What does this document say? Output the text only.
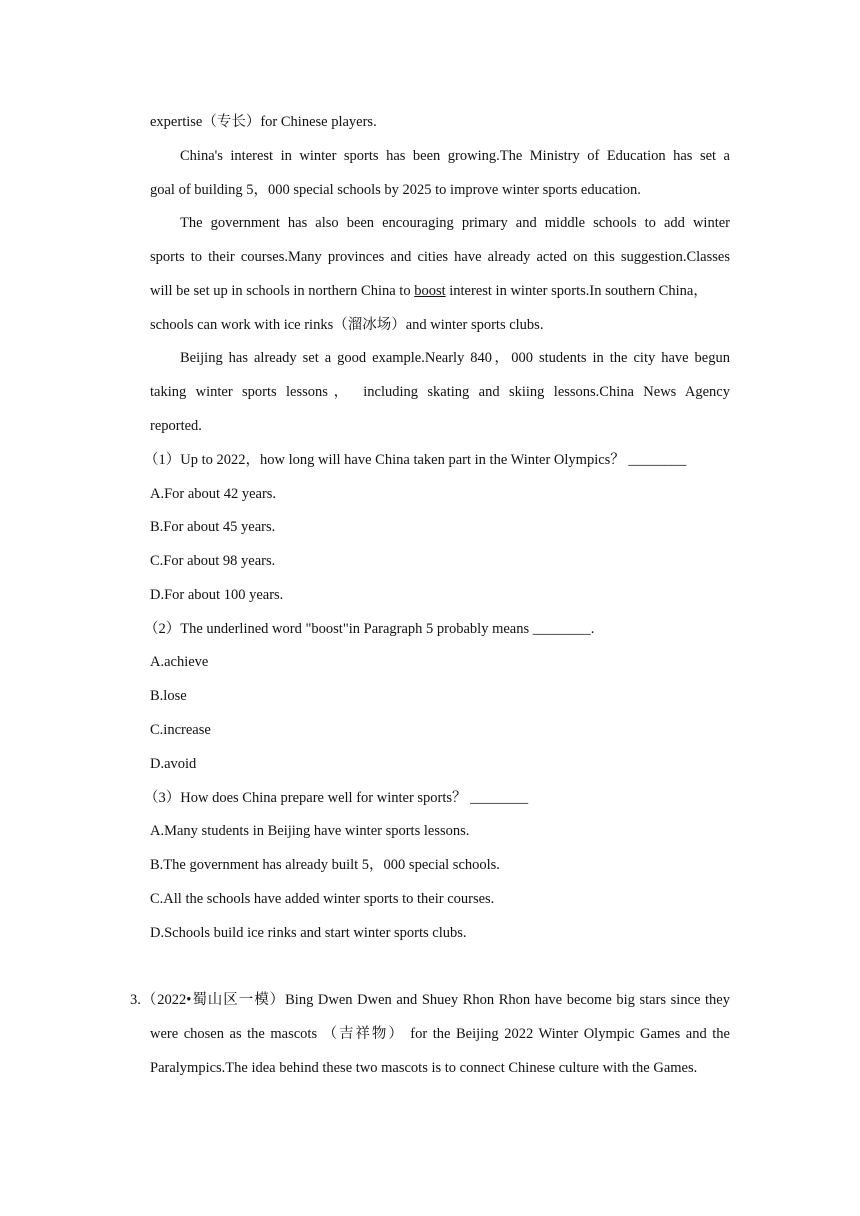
expertise（专长）for Chinese players.
China's interest in winter sports has been growing.The Ministry of Education has set a
goal of building 5，000 special schools by 2025 to improve winter sports education.
The government has also been encouraging primary and middle schools to add winter
sports to their courses.Many provinces and cities have already acted on this suggestion.Classes
will be set up in schools in northern China to boost interest in winter sports.In southern China，
schools can work with ice rinks（溜冰场）and winter sports clubs.
Beijing has already set a good example.Nearly 840，000 students in the city have begun
taking winter sports lessons， including skating and skiing lessons.China News Agency
reported.
（1）Up to 2022，how long will have China taken part in the Winter Olympics？ ________
A.For about 42 years.
B.For about 45 years.
C.For about 98 years.
D.For about 100 years.
（2）The underlined word "boost"in Paragraph 5 probably means ________.
A.achieve
B.lose
C.increase
D.avoid
（3）How does China prepare well for winter sports？ ________
A.Many students in Beijing have winter sports lessons.
B.The government has already built 5，000 special schools.
C.All the schools have added winter sports to their courses.
D.Schools build ice rinks and start winter sports clubs.
3.（2022•蜀山区一模）Bing Dwen Dwen and Shuey Rhon Rhon have become big stars since they
were chosen as the mascots （吉祥物） for the Beijing 2022 Winter Olympic Games and the
Paralympics.The idea behind these two mascots is to connect Chinese culture with the Games.
